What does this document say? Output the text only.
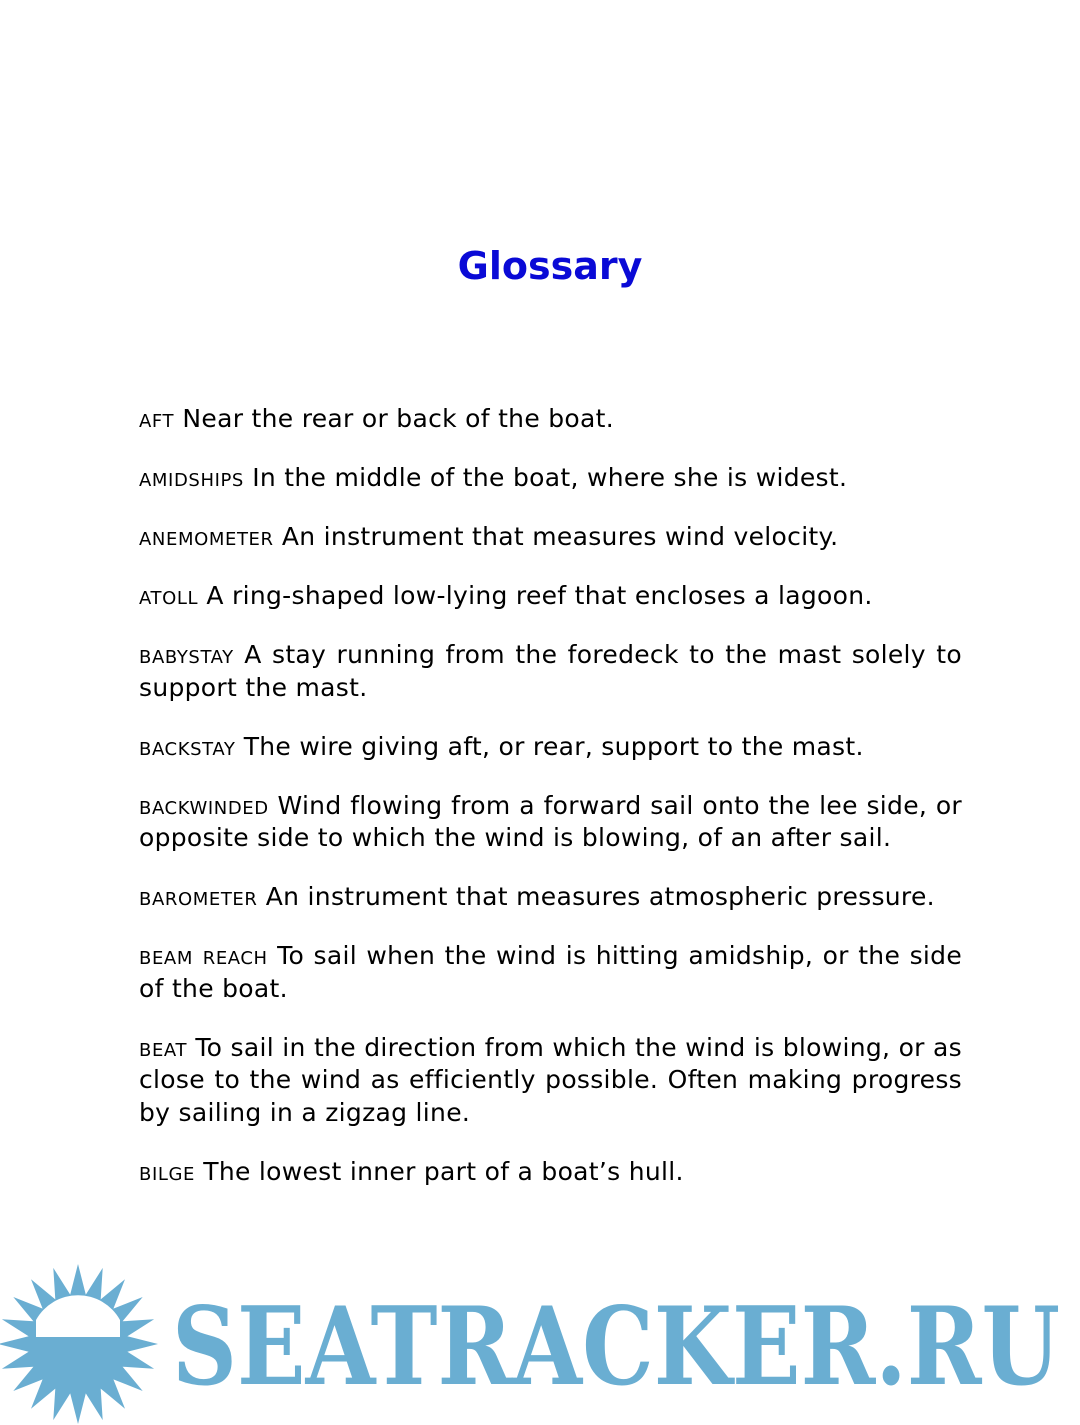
Glossary

aft Near the rear or back of the boat.

amidships In the middle of the boat, where she is widest.

anemometer An instrument that measures wind velocity.

atoll A ring-shaped low-lying reef that encloses a lagoon.

babystay A stay running from the foredeck to the mast solely to support the mast.

backstay The wire giving aft, or rear, support to the mast.

backwinded Wind flowing from a forward sail onto the lee side, or opposite side to which the wind is blowing, of an after sail.

barometer An instrument that measures atmospheric pressure.

beam reach To sail when the wind is hitting amidship, or the side of the boat.

beat To sail in the direction from which the wind is blowing, or as close to the wind as efficiently possible. Often making progress by sailing in a zigzag line.

bilge The lowest inner part of a boat’s hull.

SEATRACKER.RU
